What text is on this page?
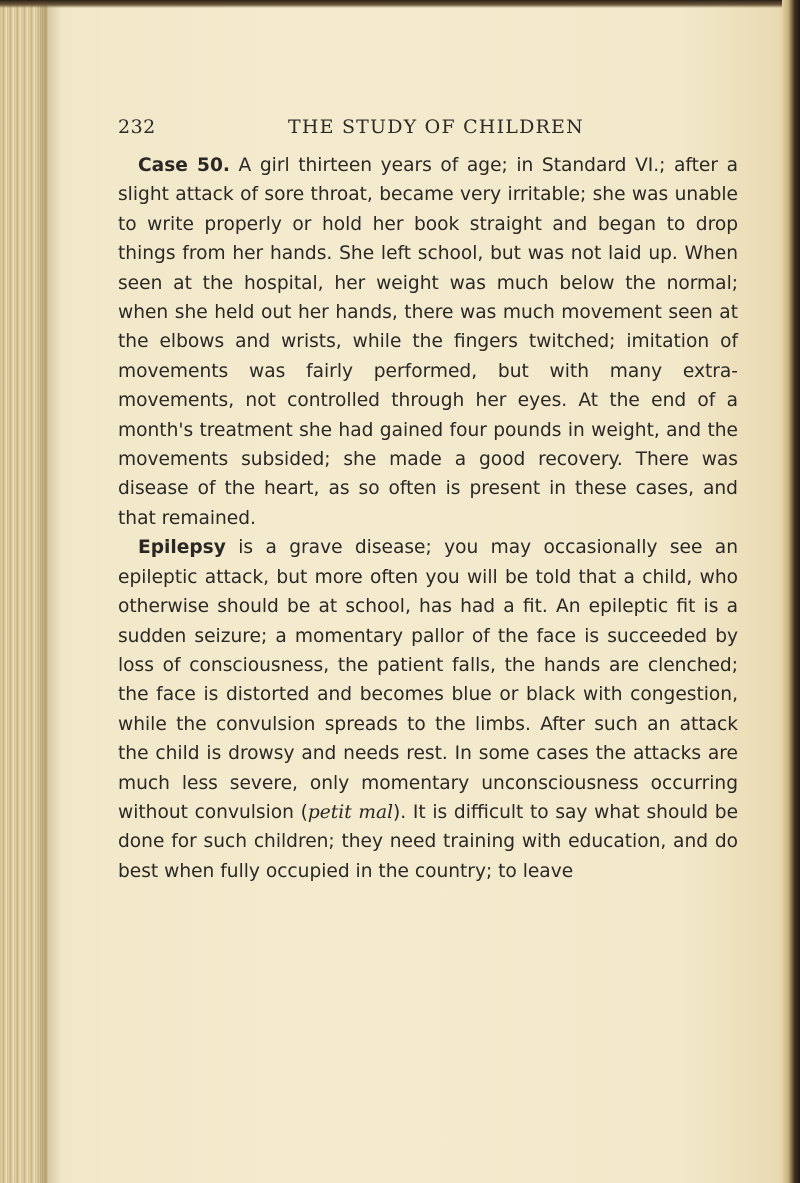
232	THE STUDY OF CHILDREN

Case 50. A girl thirteen years of age; in Standard VI.; after a slight attack of sore throat, became very irritable; she was unable to write properly or hold her book straight and began to drop things from her hands. She left school, but was not laid up. When seen at the hospital, her weight was much below the normal; when she held out her hands, there was much movement seen at the elbows and wrists, while the fingers twitched; imitation of movements was fairly performed, but with many extra-movements, not controlled through her eyes. At the end of a month's treatment she had gained four pounds in weight, and the movements subsided; she made a good recovery. There was disease of the heart, as so often is present in these cases, and that remained.

Epilepsy is a grave disease; you may occasionally see an epileptic attack, but more often you will be told that a child, who otherwise should be at school, has had a fit. An epileptic fit is a sudden seizure; a momentary pallor of the face is succeeded by loss of consciousness, the patient falls, the hands are clenched; the face is distorted and becomes blue or black with congestion, while the convulsion spreads to the limbs. After such an attack the child is drowsy and needs rest. In some cases the attacks are much less severe, only momentary unconsciousness occurring without convulsion (petit mal). It is difficult to say what should be done for such children; they need training with education, and do best when fully occupied in the country; to leave
